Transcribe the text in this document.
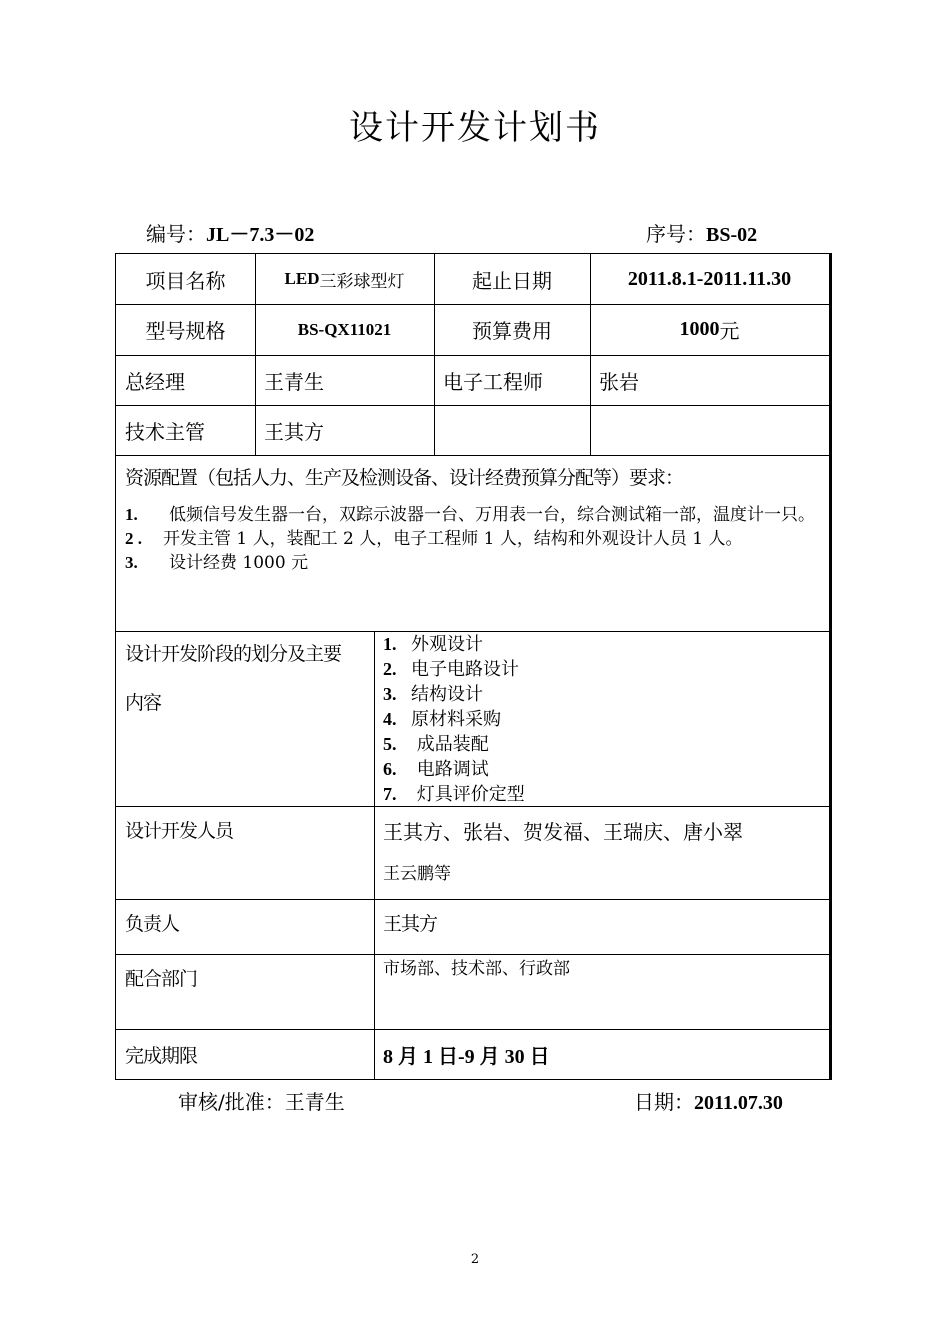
设计开发计划书
编号：JL－7.3－02	序号：BS-02
项目名称	LED 三彩球型灯	起止日期	2011.8.1-2011.11.30
型号规格	BS-QX11021	预算费用	1000 元
总经理	王青生	电子工程师	张岩
技术主管	王其方
资源配置（包括人力、生产及检测设备、设计经费预算分配等）要求：
1. 低频信号发生器一台，双踪示波器一台、万用表一台，综合测试箱一部，温度计一只。
2 . 开发主管 1 人，装配工 2 人，电子工程师 1 人，结构和外观设计人员 1 人。
3. 设计经费 1000 元
设计开发阶段的划分及主要
内容
1. 外观设计
2. 电子电路设计
3. 结构设计
4. 原材料采购
5. 成品装配
6. 电路调试
7. 灯具评价定型
设计开发人员	王其方、张岩、贺发福、王瑞庆、唐小翠
王云鹏等
负责人	王其方
配合部门	市场部、技术部、行政部
完成期限	8 月 1 日-9 月 30 日
审核/批准：王青生	日期：2011.07.30
2
